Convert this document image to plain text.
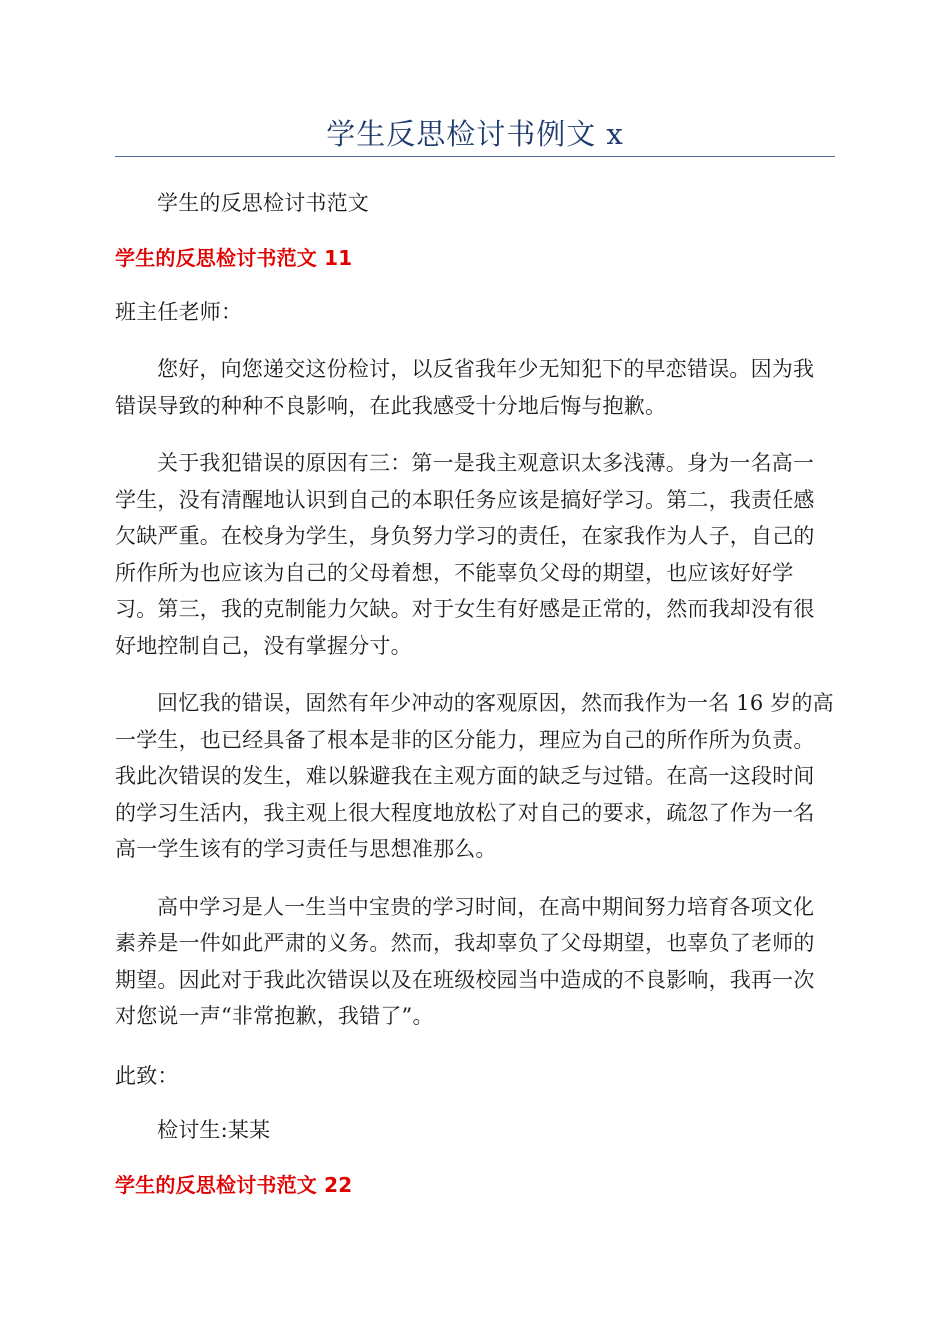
学生反思检讨书例文 x

学生的反思检讨书范文

学生的反思检讨书范文 11

班主任老师：

您好，向您递交这份检讨，以反省我年少无知犯下的早恋错误。因为我错误导致的种种不良影响，在此我感受十分地后悔与抱歉。

关于我犯错误的原因有三：第一是我主观意识太多浅薄。身为一名高一学生，没有清醒地认识到自己的本职任务应该是搞好学习。第二，我责任感欠缺严重。在校身为学生，身负努力学习的责任，在家我作为人子，自己的所作所为也应该为自己的父母着想，不能辜负父母的期望，也应该好好学习。第三，我的克制能力欠缺。对于女生有好感是正常的，然而我却没有很好地控制自己，没有掌握分寸。

回忆我的错误，固然有年少冲动的客观原因，然而我作为一名 16 岁的高一学生，也已经具备了根本是非的区分能力，理应为自己的所作所为负责。我此次错误的发生，难以躲避我在主观方面的缺乏与过错。在高一这段时间的学习生活内，我主观上很大程度地放松了对自己的要求，疏忽了作为一名高一学生该有的学习责任与思想准那么。

高中学习是人一生当中宝贵的学习时间，在高中期间努力培育各项文化素养是一件如此严肃的义务。然而，我却辜负了父母期望，也辜负了老师的期望。因此对于我此次错误以及在班级校园当中造成的不良影响，我再一次对您说一声“非常抱歉，我错了”。

此致：

检讨生:某某

学生的反思检讨书范文 22
